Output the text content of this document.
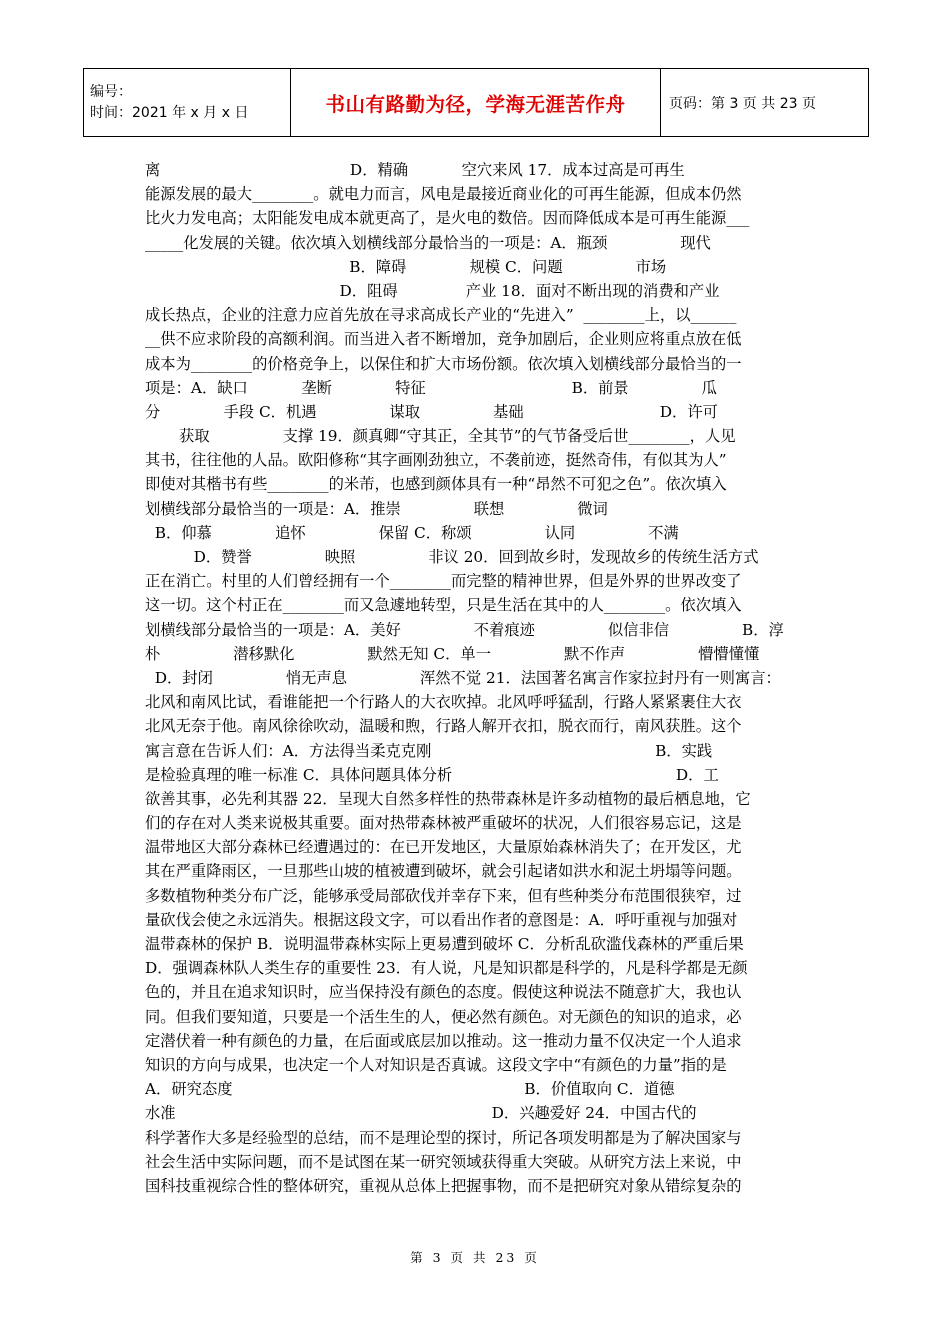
编号：
时间：2021 年 x 月 x 日	书山有路勤为径，学海无涯苦作舟	页码：第 3 页 共 23 页
离                                       D．精确           空穴来风 17．成本过高是可再生
能源发展的最大________。就电力而言，风电是最接近商业化的可再生能源，但成本仍然
比火力发电高；太阳能发电成本就更高了，是火电的数倍。因而降低成本是可再生能源___
_____化发展的关键。依次填入划横线部分最恰当的一项是：A．瓶颈               现代
B．障碍             规模 C．问题               市场
D．阻碍              产业 18．面对不断出现的消费和产业
成长热点，企业的注意力应首先放在寻求高成长产业的“先进入”  ________上，以______
__供不应求阶段的高额利润。而当进入者不断增加，竞争加剧后，企业则应将重点放在低
成本为________的价格竞争上，以保住和扩大市场份额。依次填入划横线部分最恰当的一
项是：A．缺口           垄断             特征                              B．前景               瓜
分             手段 C．机遇               谋取               基础                            D．许可
获取               支撑 19．颜真卿“守其正，全其节”的气节备受后世________，人见
其书，往往他的人品。欧阳修称“其字画刚劲独立，不袭前迹，挺然奇伟，有似其为人”
即使对其楷书有些________的米芾，也感到颜体具有一种“昂然不可犯之色”。依次填入
划横线部分最恰当的一项是：A．推崇               联想               微词
B．仰慕             追怀               保留 C．称颂               认同               不满
D．赞誉               映照               非议 20．回到故乡时，发现故乡的传统生活方式
正在消亡。村里的人们曾经拥有一个________而完整的精神世界，但是外界的世界改变了
这一切。这个村正在________而又急遽地转型，只是生活在其中的人________。依次填入
划横线部分最恰当的一项是：A．美好               不着痕迹               似信非信               B．淳
朴               潜移默化               默然无知 C．单一               默不作声               懵懵懂懂
D．封闭               悄无声息               浑然不觉 21．法国著名寓言作家拉封丹有一则寓言：
北风和南风比试，看谁能把一个行路人的大衣吹掉。北风呼呼猛刮，行路人紧紧裹住大衣
北风无奈于他。南风徐徐吹动，温暖和煦，行路人解开衣扣，脱衣而行，南风获胜。这个
寓言意在告诉人们：A．方法得当柔克克刚                                              B．实践
是检验真理的唯一标准 C．具体问题具体分析                                              D．工
欲善其事，必先利其器 22．呈现大自然多样性的热带森林是许多动植物的最后栖息地，它
们的存在对人类来说极其重要。面对热带森林被严重破坏的状况，人们很容易忘记，这是
温带地区大部分森林已经遭遇过的：在已开发地区，大量原始森林消失了；在开发区，尤
其在严重降雨区，一旦那些山坡的植被遭到破坏，就会引起诸如洪水和泥土坍塌等问题。
多数植物种类分布广泛，能够承受局部砍伐并幸存下来，但有些种类分布范围很狭窄，过
量砍伐会使之永远消失。根据这段文字，可以看出作者的意图是：A．呼吁重视与加强对
温带森林的保护 B．说明温带森林实际上更易遭到破坏 C．分析乱砍滥伐森林的严重后果
D．强调森林队人类生存的重要性 23．有人说，凡是知识都是科学的，凡是科学都是无颜
色的，并且在追求知识时，应当保持没有颜色的态度。假使这种说法不随意扩大，我也认
同。但我们要知道，只要是一个活生生的人，便必然有颜色。对无颜色的知识的追求，必
定潜伏着一种有颜色的力量，在后面或底层加以推动。这一推动力量不仅决定一个人追求
知识的方向与成果，也决定一个人对知识是否真诚。这段文字中“有颜色的力量”指的是
A．研究态度                                                            B．价值取向 C．道德
水准                                                                 D．兴趣爱好 24．中国古代的
科学著作大多是经验型的总结，而不是理论型的探讨，所记各项发明都是为了解决国家与
社会生活中实际问题，而不是试图在某一研究领域获得重大突破。从研究方法上来说，中
国科技重视综合性的整体研究，重视从总体上把握事物，而不是把研究对象从错综复杂的
第 3 页 共 23 页
